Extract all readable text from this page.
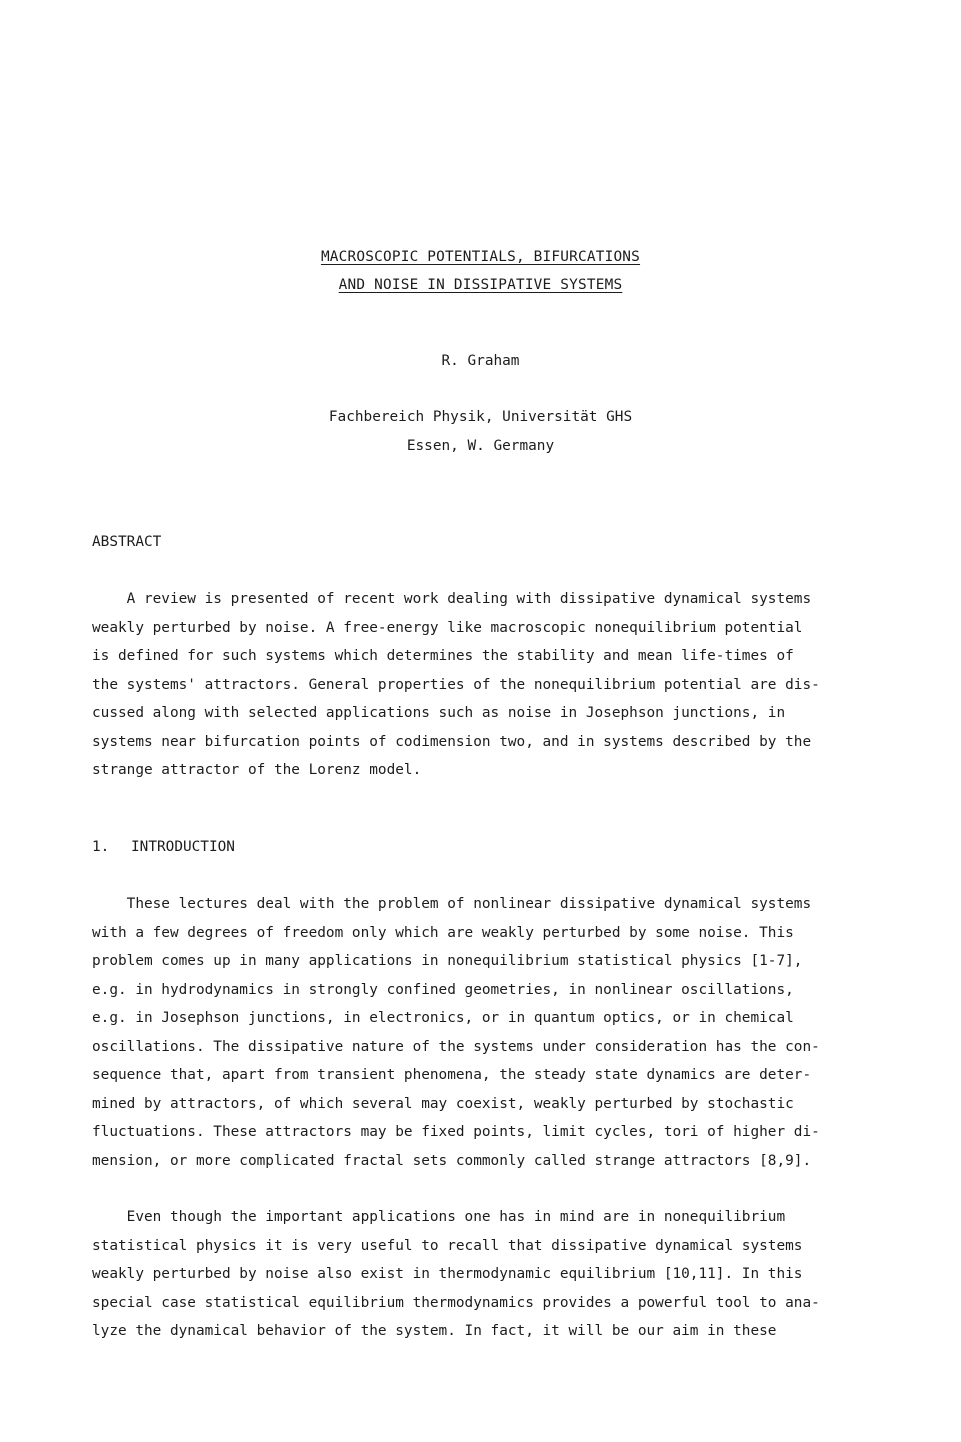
MACROSCOPIC POTENTIALS, BIFURCATIONS
AND NOISE IN DISSIPATIVE SYSTEMS
R. Graham
Fachbereich Physik, Universität GHS
Essen, W. Germany
ABSTRACT
A review is presented of recent work dealing with dissipative dynamical systems
weakly perturbed by noise. A free-energy like macroscopic nonequilibrium potential
is defined for such systems which determines the stability and mean life-times of
the systems' attractors. General properties of the nonequilibrium potential are dis-
cussed along with selected applications such as noise in Josephson junctions, in
systems near bifurcation points of codimension two, and in systems described by the
strange attractor of the Lorenz model.
1. INTRODUCTION
These lectures deal with the problem of nonlinear dissipative dynamical systems
with a few degrees of freedom only which are weakly perturbed by some noise. This
problem comes up in many applications in nonequilibrium statistical physics [1-7],
e.g. in hydrodynamics in strongly confined geometries, in nonlinear oscillations,
e.g. in Josephson junctions, in electronics, or in quantum optics, or in chemical
oscillations. The dissipative nature of the systems under consideration has the con-
sequence that, apart from transient phenomena, the steady state dynamics are deter-
mined by attractors, of which several may coexist, weakly perturbed by stochastic
fluctuations. These attractors may be fixed points, limit cycles, tori of higher di-
mension, or more complicated fractal sets commonly called strange attractors [8,9].
Even though the important applications one has in mind are in nonequilibrium
statistical physics it is very useful to recall that dissipative dynamical systems
weakly perturbed by noise also exist in thermodynamic equilibrium [10,11]. In this
special case statistical equilibrium thermodynamics provides a powerful tool to ana-
lyze the dynamical behavior of the system. In fact, it will be our aim in these
